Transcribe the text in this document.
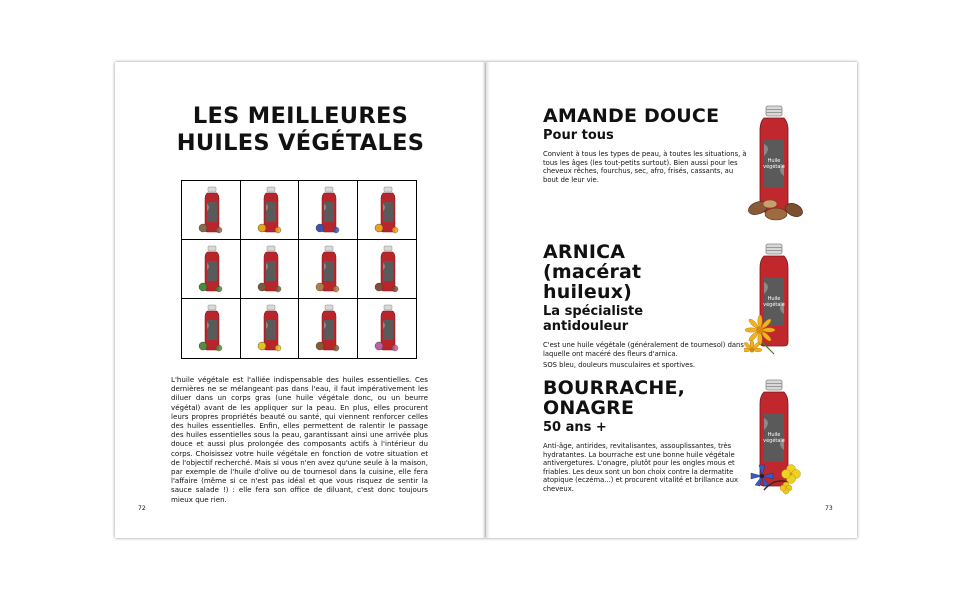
LES MEILLEURES
HUILES VÉGÉTALES
L'huile végétale est l'alliée indispensable des huiles essentielles. Ces dernières ne se mélangeant pas dans l'eau, il faut impérativement les diluer dans un corps gras (une huile végétale donc, ou un beurre végétal) avant de les appliquer sur la peau. En plus, elles procurent leurs propres propriétés beauté ou santé, qui viennent renforcer celles des huiles essentielles. Enfin, elles permettent de ralentir le passage des huiles essentielles sous la peau, garantissant ainsi une arrivée plus douce et aussi plus prolongée des composants actifs à l'intérieur du corps. Choisissez votre huile végétale en fonction de votre situation et de l'objectif recherché. Mais si vous n'en avez qu'une seule à la maison, par exemple de l'huile d'olive ou de tournesol dans la cuisine, elle fera l'affaire (même si ce n'est pas idéal et que vous risquez de sentir la sauce salade !) : elle fera son office de diluant, c'est donc toujours mieux que rien.
72
AMANDE DOUCE
Pour tous

Convient à tous les types de peau, à toutes les situations, à tous les âges (les tout-petits surtout). Bien aussi pour les cheveux rêches, fourchus, sec, afro, frisés, cassants, au bout de leur vie.

ARNICA
(macérat huileux)
La spécialiste antidouleur

C'est une huile végétale (généralement de tournesol) dans laquelle ont macéré des fleurs d'arnica.

SOS bleu, douleurs musculaires et sportives.

BOURRACHE, ONAGRE
50 ans +

Anti-âge, antirides, revitalisantes, assouplissantes, très hydratantes. La bourrache est une bonne huile végétale antivergetures. L'onagre, plutôt pour les ongles mous et friables. Les deux sont un bon choix contre la dermatite atopique (eczéma...) et procurent vitalité et brillance aux cheveux.

Huile
végétale
Huile
végétale
Huile
végétale
73
